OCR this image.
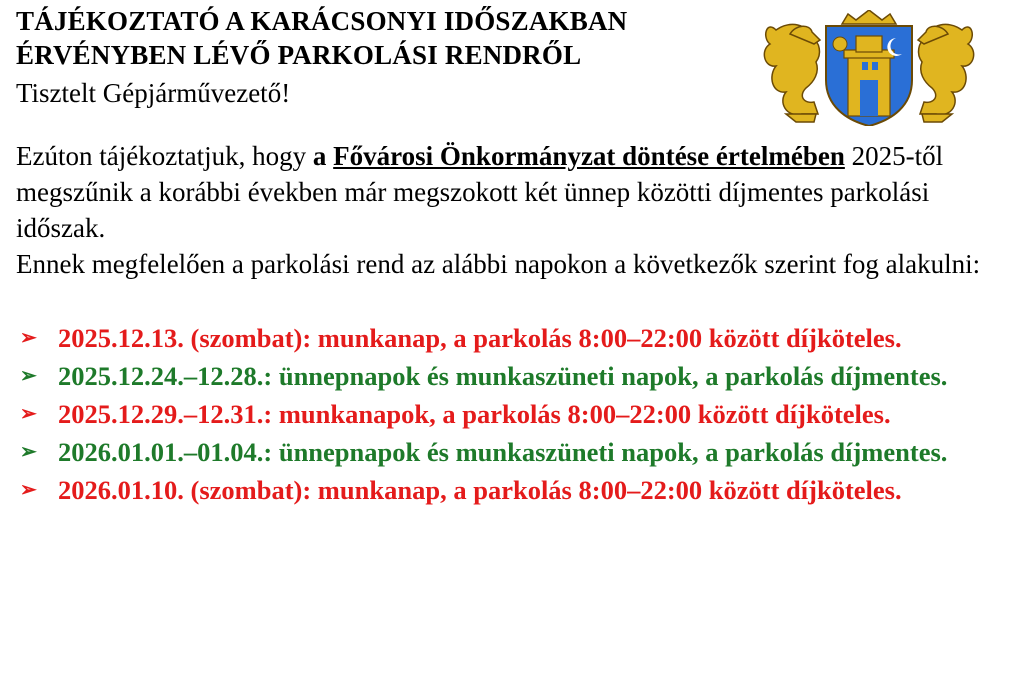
TÁJÉKOZTATÓ A KARÁCSONYI IDŐSZAKBAN
ÉRVÉNYBEN LÉVŐ PARKOLÁSI RENDRŐL
Tisztelt Gépjárművezető!

Ezúton tájékoztatjuk, hogy a Fővárosi Önkormányzat döntése értelmében 2025-től megszűnik a korábbi években már megszokott két ünnep közötti díjmentes parkolási időszak.

Ennek megfelelően a parkolási rend az alábbi napokon a következők szerint fog alakulni:

➢ 2025.12.13. (szombat): munkanap, a parkolás 8:00–22:00 között díjköteles.
➢ 2025.12.24.–12.28.: ünnepnapok és munkaszüneti napok, a parkolás díjmentes.
➢ 2025.12.29.–12.31.: munkanapok, a parkolás 8:00–22:00 között díjköteles.
➢ 2026.01.01.–01.04.: ünnepnapok és munkaszüneti napok, a parkolás díjmentes.
➢ 2026.01.10. (szombat): munkanap, a parkolás 8:00–22:00 között díjköteles.
